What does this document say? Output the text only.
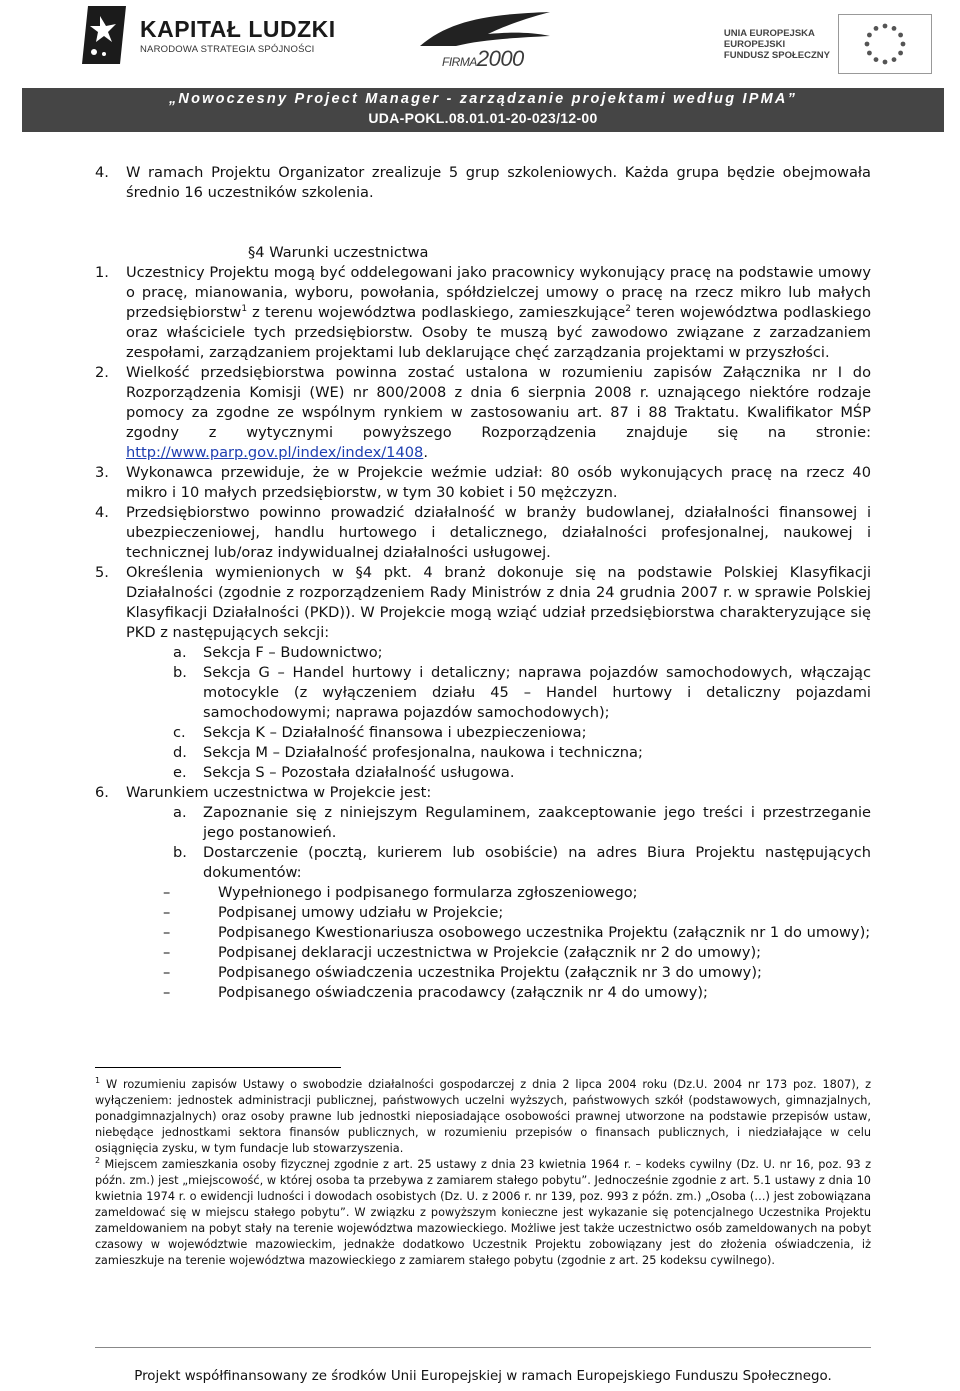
KAPITAŁ LUDZKI
NARODOWA STRATEGIA SPÓJNOŚCI
FIRMA2000
UNIA EUROPEJSKA
EUROPEJSKI
FUNDUSZ SPOŁECZNY
„Nowoczesny Project Manager - zarządzanie projektami według IPMA”
UDA-POKL.08.01.01-20-023/12-00
4.	W ramach Projektu Organizator zrealizuje 5 grup szkoleniowych. Każda grupa będzie obejmowała średnio 16 uczestników szkolenia.
§4 Warunki uczestnictwa
1.	Uczestnicy Projektu mogą być oddelegowani jako pracownicy wykonujący pracę na podstawie umowy o pracę, mianowania, wyboru, powołania, spółdzielczej umowy o pracę na rzecz mikro lub małych przedsiębiorstw$^1$ z terenu województwa podlaskiego, zamieszkujące$^2$ teren województwa podlaskiego oraz właściciele tych przedsiębiorstw. Osoby te muszą być zawodowo związane z zarzadzaniem zespołami, zarządzaniem projektami lub deklarujące chęć zarządzania projektami w przyszłości.
2.	Wielkość przedsiębiorstwa powinna zostać ustalona w rozumieniu zapisów Załącznika nr I do Rozporządzenia Komisji (WE) nr 800/2008 z dnia 6 sierpnia 2008 r. uznającego niektóre rodzaje pomocy za zgodne ze wspólnym rynkiem w zastosowaniu art. 87 i 88 Traktatu. Kwalifikator MŚP zgodny z wytycznymi powyższego Rozporządzenia znajduje się na stronie: http://www.parp.gov.pl/index/index/1408.
3.	Wykonawca przewiduje, że w Projekcie weźmie udział: 80 osób wykonujących pracę na rzecz 40 mikro i 10 małych przedsiębiorstw, w tym 30 kobiet i 50 mężczyzn.
4.	Przedsiębiorstwo powinno prowadzić działalność w branży budowlanej, działalności finansowej i ubezpieczeniowej, handlu hurtowego i detalicznego, działalności profesjonalnej, naukowej i technicznej lub/oraz indywidualnej działalności usługowej.
5.	Określenia wymienionych w §4 pkt. 4 branż dokonuje się na podstawie Polskiej Klasyfikacji Działalności (zgodnie z rozporządzeniem Rady Ministrów z dnia 24 grudnia 2007 r. w sprawie Polskiej Klasyfikacji Działalności (PKD)). W Projekcie mogą wziąć udział przedsiębiorstwa charakteryzujące się PKD z następujących sekcji:
a.	Sekcja F – Budownictwo;
b.	Sekcja G – Handel hurtowy i detaliczny; naprawa pojazdów samochodowych, włączając motocykle (z wyłączeniem działu 45 – Handel hurtowy i detaliczny pojazdami samochodowymi; naprawa pojazdów samochodowych);
c.	Sekcja K – Działalność finansowa i ubezpieczeniowa;
d.	Sekcja M – Działalność profesjonalna, naukowa i techniczna;
e.	Sekcja S – Pozostała działalność usługowa.
6.	Warunkiem uczestnictwa w Projekcie jest:
a.	Zapoznanie się z niniejszym Regulaminem, zaakceptowanie jego treści i przestrzeganie jego postanowień.
b.	Dostarczenie (pocztą, kurierem lub osobiście) na adres Biura Projektu następujących dokumentów:
–	Wypełnionego i podpisanego formularza zgłoszeniowego;
–	Podpisanej umowy udziału w Projekcie;
–	Podpisanego Kwestionariusza osobowego uczestnika Projektu (załącznik nr 1 do umowy);
–	Podpisanej deklaracji uczestnictwa w Projekcie (załącznik nr 2 do umowy);
–	Podpisanego oświadczenia uczestnika Projektu (załącznik nr 3 do umowy);
–	Podpisanego oświadczenia pracodawcy (załącznik nr 4 do umowy);
$^1$ W rozumieniu zapisów Ustawy o swobodzie działalności gospodarczej z dnia 2 lipca 2004 roku (Dz.U. 2004 nr 173 poz. 1807), z wyłączeniem: jednostek administracji publicznej, państwowych uczelni wyższych, państwowych szkół (podstawowych, gimnazjalnych, ponadgimnazjalnych) oraz osoby prawne lub jednostki nieposiadające osobowości prawnej utworzone na podstawie przepisów ustaw, niebędące jednostkami sektora finansów publicznych, w rozumieniu przepisów o finansach publicznych, i niedziałające w celu osiągnięcia zysku, w tym fundacje lub stowarzyszenia.
$^2$ Miejscem zamieszkania osoby fizycznej zgodnie z art. 25 ustawy z dnia 23 kwietnia 1964 r. – kodeks cywilny (Dz. U. nr 16, poz. 93 z późn. zm.) jest „miejscowość, w której osoba ta przebywa z zamiarem stałego pobytu”. Jednocześnie zgodnie z art. 5.1 ustawy z dnia 10 kwietnia 1974 r. o ewidencji ludności i dowodach osobistych (Dz. U. z 2006 r. nr 139, poz. 993 z późn. zm.) „Osoba (…) jest zobowiązana zameldować się w miejscu stałego pobytu”. W związku z powyższym konieczne jest wykazanie się potencjalnego Uczestnika Projektu zameldowaniem na pobyt stały na terenie województwa mazowieckiego. Możliwe jest także uczestnictwo osób zameldowanych na pobyt czasowy w województwie mazowieckim, jednakże dodatkowo Uczestnik Projektu zobowiązany jest do złożenia oświadczenia, iż zamieszkuje na terenie województwa mazowieckiego z zamiarem stałego pobytu (zgodnie z art. 25 kodeksu cywilnego).
Projekt współfinansowany ze środków Unii Europejskiej w ramach Europejskiego Funduszu Społecznego.
